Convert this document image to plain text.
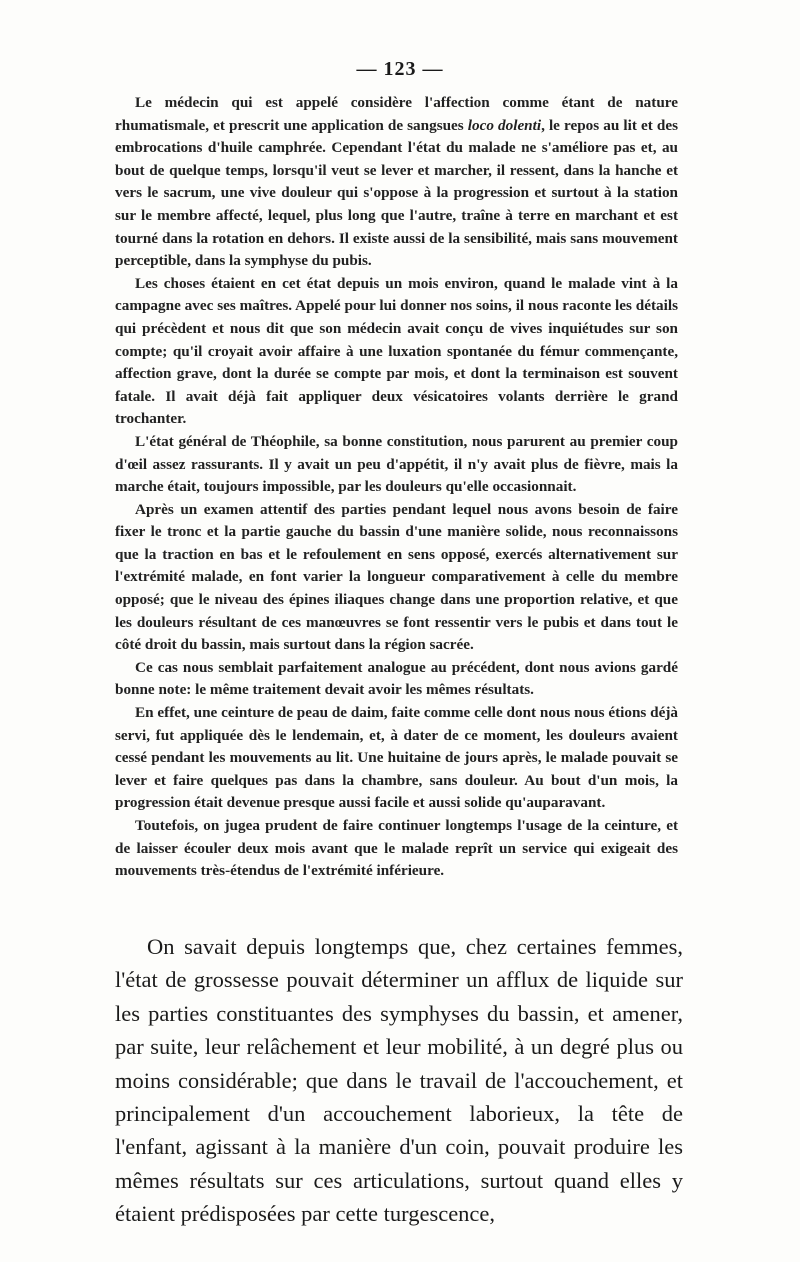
— 123 —

Le médecin qui est appelé considère l'affection comme étant de nature rhumatismale, et prescrit une application de sangsues loco dolenti, le repos au lit et des embrocations d'huile camphrée. Cependant l'état du malade ne s'améliore pas et, au bout de quelque temps, lorsqu'il veut se lever et marcher, il ressent, dans la hanche et vers le sacrum, une vive douleur qui s'oppose à la progression et surtout à la station sur le membre affecté, lequel, plus long que l'autre, traîne à terre en marchant et est tourné dans la rotation en dehors. Il existe aussi de la sensibilité, mais sans mouvement perceptible, dans la symphyse du pubis.

Les choses étaient en cet état depuis un mois environ, quand le malade vint à la campagne avec ses maîtres. Appelé pour lui donner nos soins, il nous raconte les détails qui précèdent et nous dit que son médecin avait conçu de vives inquiétudes sur son compte; qu'il croyait avoir affaire à une luxation spontanée du fémur commençante, affection grave, dont la durée se compte par mois, et dont la terminaison est souvent fatale. Il avait déjà fait appliquer deux vésicatoires volants derrière le grand trochanter.

L'état général de Théophile, sa bonne constitution, nous parurent au premier coup d'œil assez rassurants. Il y avait un peu d'appétit, il n'y avait plus de fièvre, mais la marche était, toujours impossible, par les douleurs qu'elle occasionnait.

Après un examen attentif des parties pendant lequel nous avons besoin de faire fixer le tronc et la partie gauche du bassin d'une manière solide, nous reconnaissons que la traction en bas et le refoulement en sens opposé, exercés alternativement sur l'extrémité malade, en font varier la longueur comparativement à celle du membre opposé; que le niveau des épines iliaques change dans une proportion relative, et que les douleurs résultant de ces manœuvres se font ressentir vers le pubis et dans tout le côté droit du bassin, mais surtout dans la région sacrée.

Ce cas nous semblait parfaitement analogue au précédent, dont nous avions gardé bonne note: le même traitement devait avoir les mêmes résultats.

En effet, une ceinture de peau de daim, faite comme celle dont nous nous étions déjà servi, fut appliquée dès le lendemain, et, à dater de ce moment, les douleurs avaient cessé pendant les mouvements au lit. Une huitaine de jours après, le malade pouvait se lever et faire quelques pas dans la chambre, sans douleur. Au bout d'un mois, la progression était devenue presque aussi facile et aussi solide qu'auparavant.

Toutefois, on jugea prudent de faire continuer longtemps l'usage de la ceinture, et de laisser écouler deux mois avant que le malade reprît un service qui exigeait des mouvements très-étendus de l'extrémité inférieure.

On savait depuis longtemps que, chez certaines femmes, l'état de grossesse pouvait déterminer un afflux de liquide sur les parties constituantes des symphyses du bassin, et amener, par suite, leur relâchement et leur mobilité, à un degré plus ou moins considérable; que dans le travail de l'accouchement, et principalement d'un accouchement laborieux, la tête de l'enfant, agissant à la manière d'un coin, pouvait produire les mêmes résultats sur ces articulations, surtout quand elles y étaient prédisposées par cette turgescence,
